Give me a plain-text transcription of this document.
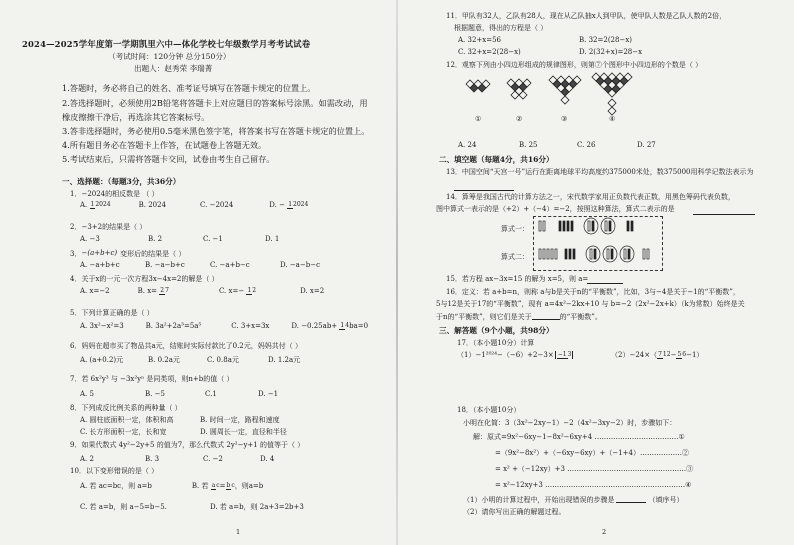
2024—2025学年度第一学期凯里六中—体化学校七年级数学月考考试试卷
（考试时间：120分钟 总分150分）
出题人：赵秀荣 李瑞菁
1.答题时，务必将自己的姓名、准考证号填写在答题卡规定的位置上。
2.答选择题时，必须使用2B铅笔将答题卡上对应题目的答案标号涂黑。如需改动，用
橡皮擦擦干净后，再选涂其它答案标号。
3.答非选择题时，务必使用0.5毫米黑色签字笔，将答案书写在答题卡规定的位置上。
4.所有题目务必在答题卡上作答，在试题卷上答题无效。
5.考试结束后，只需将答题卡交回，试卷由考生自己留存。
一、选择题：（每题3分，共36分）
1．−2024的相反数是 （ ）
A. 12024	B. 2024	C. −2024	D. − 12024
2．−3+2的结果是（ ）
A. −3	B. 2	C. −1	D. 1
3． −(a+b+c) 变形后的结果是（ ）
A. −a+b+c	B. −a−b+c	C. −a+b−c	D. −a−b−c
4．关于x的一元一次方程3x−4x=2的解是（ ）
A. x=−2	B. x= 27	C. x=− 12	D. x=2
5．下列计算正确的是（ ）
A. 3x²−x²=3	B. 3a²+2a³=5a⁵	C. 3+x=3x	D. −0.25ab+ 14ba=0
6．妈妈在超市买了物品共a元，结账时实际付款比了0.2元，妈妈共付（ ）
A. (a+0.2)元	B. 0.2a元	C. 0.8a元	D. 1.2a元
7．若 6x²y³ 与 −3x²yⁿ 是同类项，则n+b的值（ ）
A. 5	B. −5	C.1	D. −1
8．下列成反比例关系的两种量（ ）
A. 圆柱底面积一定，体积和高	B. 时间一定，路程和速度
C. 长方形面积一定，长和宽	D. 圆周长一定，直径和半径
9．如果代数式 4y²−2y+5 的值为7，那么代数式 2y²−y+1 的值等于（ ）
A. 2	B. 3	C. −2	D. 4
10．以下变形错误的是（ ）
A. 若 ac=bc，则 a=b	B. 若 ac=bc，则a=b
C. 若 a=b，则 a−5=b−5.	D. 若 a=b，则 2a+3=2b+3
1
11．甲队有32人，乙队有28人，现在从乙队抽x人到甲队，使甲队人数是乙队人数的2倍，
根据题意，得出的方程是（ ）
A. 32+x=56	B. 32=2(28−x)
C. 32+x=2(28−x)	D. 2(32+x)=28−x
12．观察下列由小四边形组成的规律图形，则第⑦个图形中小四边形的个数是（ ）
①	②	③	④
A. 24	B. 25	C. 26	D. 27
二、填空题（每题4分，共16分）
13．中国空间“天宫一号”运行在距离地球平均高度约375000米处，数375000用科学记数法表示为
14．算筹是我国古代的计算方法之一，宋代数学家用正负数代表正数，用黑色筹码代表负数，
图中算式一表示的是（+2）+（−4）=−2，按照这种算法，算式二表示的是
算式一：
算式二：
15．若方程 ax−3x=15 的解为 x=5，则 a=
16．定义：若 a+b=n，则称 a与b是关于n的“平衡数”，比如，3与−4是关于−1的“平衡数”，
5与12是关于17的“平衡数”，现有 a=4x²−2kx+10 与 b=−2（2x²−2x+k）（k为常数）始终是关
于n的“平衡数”，则它们是关于	的“平衡数”。
三、解答题（9个小题，共98分）
17．（本小题10分）计算
（1）−1²⁰²⁴−（−6）+2−3× −13	（2）−24×（ 712 − 56 −1）
18．（本小题10分）
小明在化简：3（3x²−2xy−1）−2（4x²−3xy−2）时，步骤如下：
解：原式=9x²−6xy−1−8x²−6xy+4 ………………………………①
=（9x²−8x²）+（−6xy−6xy）+（−1+4）………………②
= x² +（−12xy）+3 ……………………………………………③
= x²−12xy+3 ……………………………………………………④
（1）小明的计算过程中，开始出现错误的步骤是	（填序号）
（2）请你写出正确的解题过程。
2
